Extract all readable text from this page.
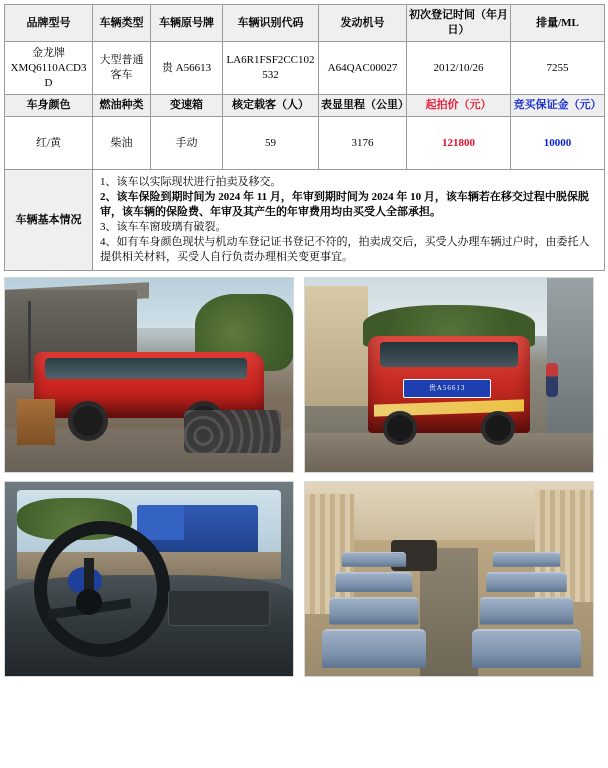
品牌型号	车辆类型	车辆原号牌	车辆识别代码	发动机号	初次登记时间（年月日）	排量/ML
金龙牌XMQ6110ACD3D	大型普通客车	贵 A56613	LA6R1FSF2CC102532	A64QAC00027	2012/10/26	7255
车身颜色	燃油种类	变速箱	核定载客（人）	表显里程（公里）	起拍价（元）	竞买保证金（元）
红/黄	柴油	手动	59	3176	121800	10000
车辆基本情况	1、该车以实际现状进行拍卖及移交。

2、该车保险到期时间为 2024 年 11 月，年审到期时间为 2024 年 10 月，该车辆若在移交过程中脱保脱审，该车辆的保险费、年审及其产生的年审费用均由买受人全部承担。

3、该车车窗玻璃有破裂。

4、如有车身颜色现状与机动车登记证书登记不符的，拍卖成交后，买受人办理车辆过户时，由委托人提供相关材料，买受人自行负责办理相关变更事宜。					

贵A56613
